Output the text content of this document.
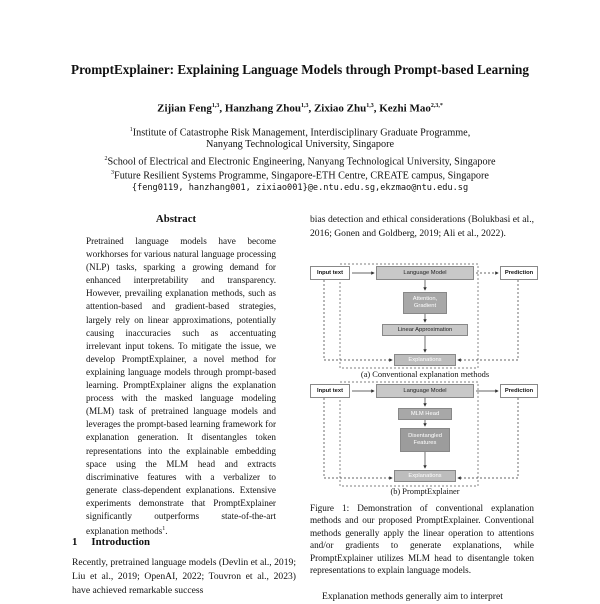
PromptExplainer: Explaining Language Models through Prompt-based Learning
Zijian Feng$^{1,3}$, Hanzhang Zhou$^{1,3}$, Zixiao Zhu$^{1,3}$, Kezhi Mao$^{2,3,*}$
$^1$Institute of Catastrophe Risk Management, Interdisciplinary Graduate Programme,
Nanyang Technological University, Singapore
$^2$School of Electrical and Electronic Engineering, Nanyang Technological University, Singapore
$^3$Future Resilient Systems Programme, Singapore-ETH Centre, CREATE campus, Singapore
{feng0119, hanzhang001, zixiao001}@e.ntu.edu.sg,ekzmao@ntu.edu.sg
Abstract
Pretrained language models have become workhorses for various natural language processing (NLP) tasks, sparking a growing demand for enhanced interpretability and transparency. However, prevailing explanation methods, such as attention-based and gradient-based strategies, largely rely on linear approximations, potentially causing inaccuracies such as accentuating irrelevant input tokens. To mitigate the issue, we develop PromptExplainer, a novel method for explaining language models through prompt-based learning. PromptExplainer aligns the explanation process with the masked language modeling (MLM) task of pretrained language models and leverages the prompt-based learning framework for explanation generation. It disentangles token representations into the explainable embedding space using the MLM head and extracts discriminative features with a verbalizer to generate class-dependent explanations. Extensive experiments demonstrate that PromptExplainer significantly outperforms state-of-the-art explanation methods$^1$.
1 Introduction
Recently, pretrained language models (Devlin et al., 2019; Liu et al., 2019; OpenAI, 2022; Touvron et al., 2023) have achieved remarkable success
bias detection and ethical considerations (Bolukbasi et al., 2016; Gonen and Goldberg, 2019; Ali et al., 2022).
Input text	Language Model	Prediction
Attention, Gradient
Linear Approximation
Explanations
(a) Conventional explanation methods
Input text	Language Model	Prediction
MLM Head
Disentangled Features
Explanations
(b) PromptExplainer
Figure 1: Demonstration of conventional explanation methods and our proposed PromptExplainer. Conventional methods generally apply the linear operation to attentions and/or gradients to generate explanations, while PromptExplainer utilizes MLM head to disentangle token representations to explain language models.
Explanation methods generally aim to interpret
